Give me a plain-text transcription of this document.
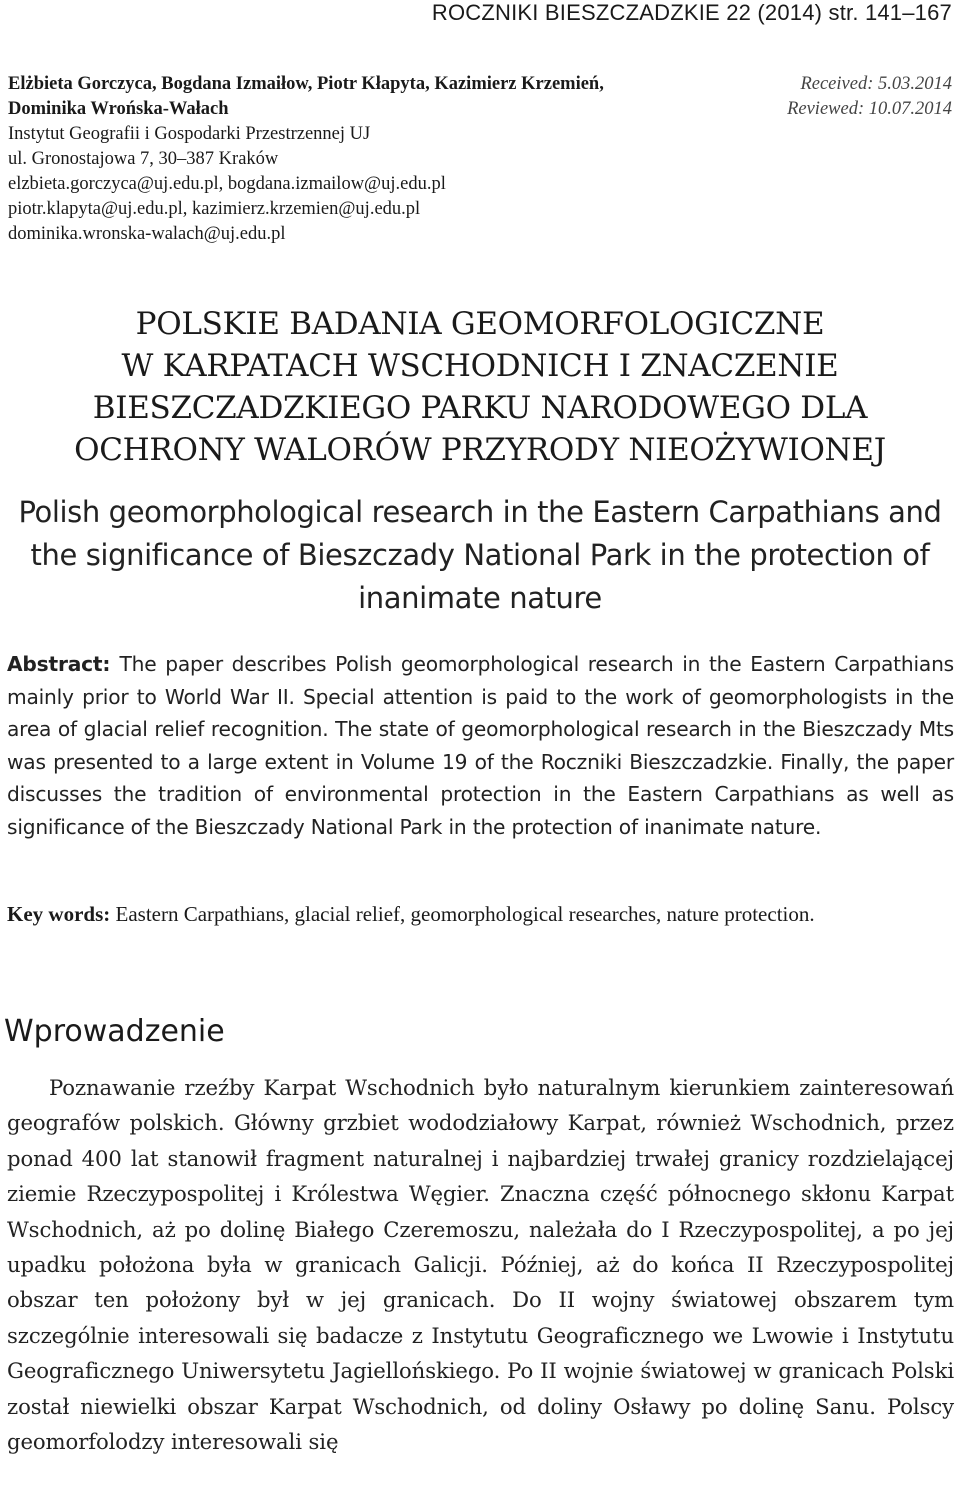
ROCZNIKI BIESZCZADZKIE 22 (2014) str. 141–167
Elżbieta Gorczyca, Bogdana Izmaiłow, Piotr Kłapyta, Kazimierz Krzemień,
Dominika Wrońska-Wałach
Instytut Geografii i Gospodarki Przestrzennej UJ
ul. Gronostajowa 7, 30–387 Kraków
elzbieta.gorczyca@uj.edu.pl, bogdana.izmailow@uj.edu.pl
piotr.klapyta@uj.edu.pl, kazimierz.krzemien@uj.edu.pl
dominika.wronska-walach@uj.edu.pl
Received: 5.03.2014
Reviewed: 10.07.2014
POLSKIE BADANIA GEOMORFOLOGICZNE
W KARPATACH WSCHODNICH I ZNACZENIE
BIESZCZADZKIEGO PARKU NARODOWEGO DLA
OCHRONY WALORÓW PRZYRODY NIEOŻYWIONEJ
Polish geomorphological research in the Eastern Carpathians and
the significance of Bieszczady National Park in the protection of
inanimate nature
Abstract: The paper describes Polish geomorphological research in the Eastern Carpathians mainly prior to World War II. Special attention is paid to the work of geomorphologists in the area of glacial relief recognition. The state of geomorphological research in the Bieszczady Mts was presented to a large extent in Volume 19 of the Roczniki Bieszczadzkie. Finally, the paper discusses the tradition of environmental protection in the Eastern Carpathians as well as significance of the Bieszczady National Park in the protection of inanimate nature.
Key words: Eastern Carpathians, glacial relief, geomorphological researches, nature protection.
Wprowadzenie
Poznawanie rzeźby Karpat Wschodnich było naturalnym kierunkiem zainteresowań geografów polskich. Główny grzbiet wododziałowy Karpat, również Wschodnich, przez ponad 400 lat stanowił fragment naturalnej i najbardziej trwałej granicy rozdzielającej ziemie Rzeczypospolitej i Królestwa Węgier. Znaczna część północnego skłonu Karpat Wschodnich, aż po dolinę Białego Czeremoszu, należała do I Rzeczypospolitej, a po jej upadku położona była w granicach Galicji. Później, aż do końca II Rzeczypospolitej obszar ten położony był w jej granicach. Do II wojny światowej obszarem tym szczególnie interesowali się badacze z Instytutu Geograficznego we Lwowie i Instytutu Geograficznego Uniwersytetu Jagiellońskiego. Po II wojnie światowej w granicach Polski został niewielki obszar Karpat Wschodnich, od doliny Osławy po dolinę Sanu. Polscy geomorfolodzy interesowali się
